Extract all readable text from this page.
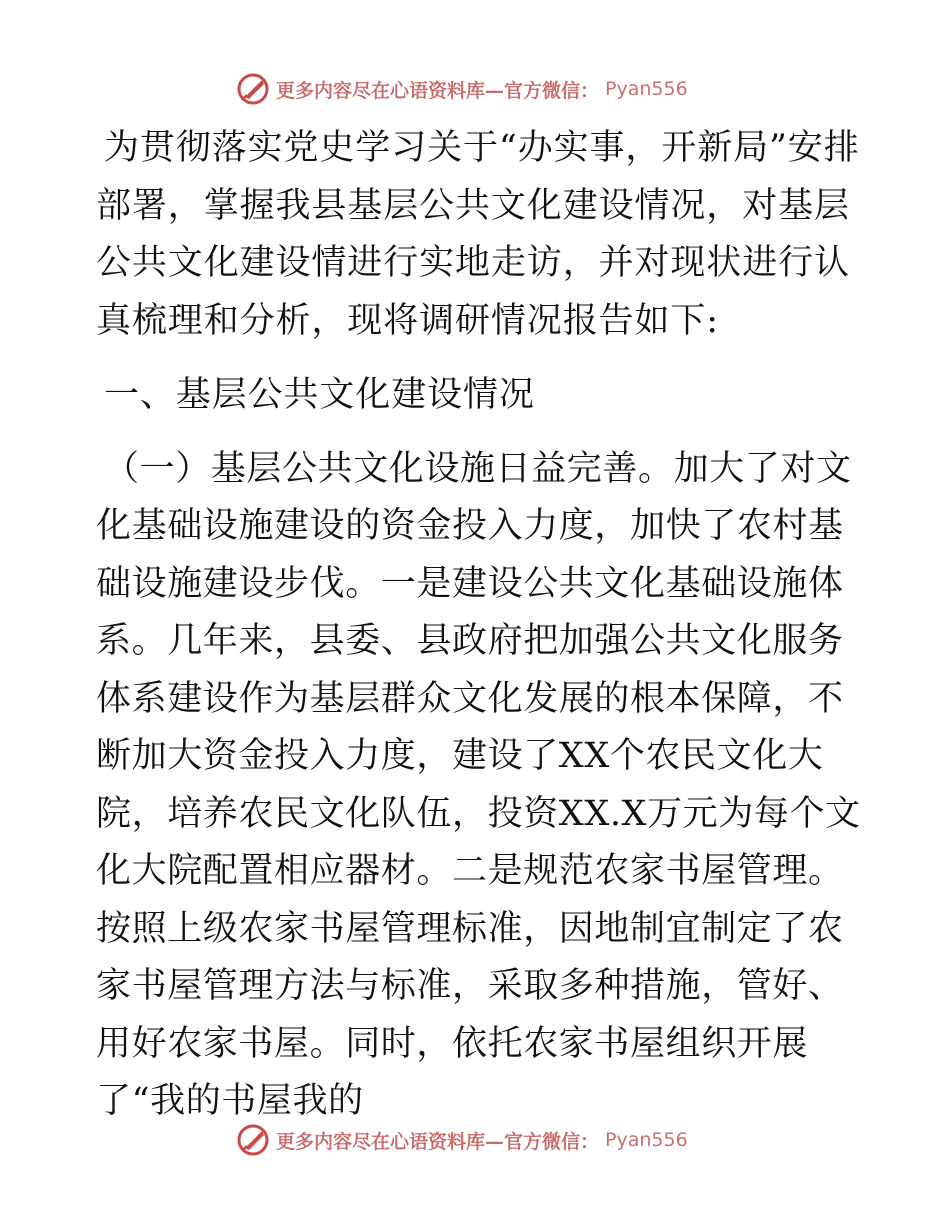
更多内容尽在心语资料库—官方微信： Pyan556

为贯彻落实党史学习关于“办实事，开新局”安排部署，掌握我县基层公共文化建设情况，对基层公共文化建设情进行实地走访，并对现状进行认真梳理和分析，现将调研情况报告如下:

一、基层公共文化建设情况

（一）基层公共文化设施日益完善。加大了对文化基础设施建设的资金投入力度，加快了农村基础设施建设步伐。一是建设公共文化基础设施体系。几年来，县委、县政府把加强公共文化服务体系建设作为基层群众文化发展的根本保障，不断加大资金投入力度，建设了XX个农民文化大院，培养农民文化队伍，投资XX.X万元为每个文化大院配置相应器材。二是规范农家书屋管理。按照上级农家书屋管理标准，因地制宜制定了农家书屋管理方法与标准，采取多种措施，管好、用好农家书屋。同时，依托农家书屋组织开展了“我的书屋我的

更多内容尽在心语资料库—官方微信： Pyan556
